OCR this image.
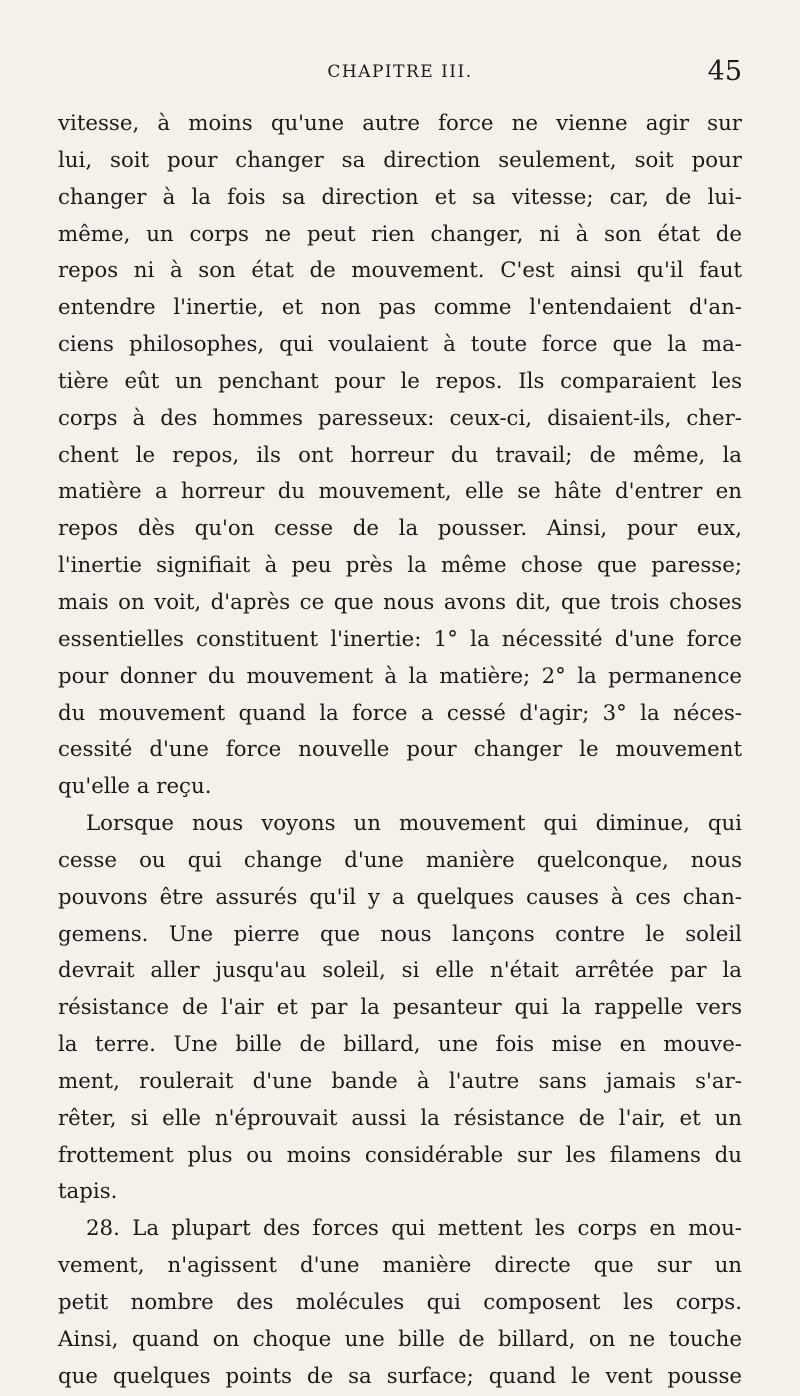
CHAPITRE III.	45
vitesse, à moins qu'une autre force ne vienne agir sur
lui, soit pour changer sa direction seulement, soit pour
changer à la fois sa direction et sa vitesse; car, de lui-
même, un corps ne peut rien changer, ni à son état de
repos ni à son état de mouvement. C'est ainsi qu'il faut
entendre l'inertie, et non pas comme l'entendaient d'an-
ciens philosophes, qui voulaient à toute force que la ma-
tière eût un penchant pour le repos. Ils comparaient les
corps à des hommes paresseux: ceux-ci, disaient-ils, cher-
chent le repos, ils ont horreur du travail; de même, la
matière a horreur du mouvement, elle se hâte d'entrer en
repos dès qu'on cesse de la pousser. Ainsi, pour eux,
l'inertie signifiait à peu près la même chose que paresse;
mais on voit, d'après ce que nous avons dit, que trois choses
essentielles constituent l'inertie: 1° la nécessité d'une force
pour donner du mouvement à la matière; 2° la permanence
du mouvement quand la force a cessé d'agir; 3° la néces-
cessité d'une force nouvelle pour changer le mouvement
qu'elle a reçu.
Lorsque nous voyons un mouvement qui diminue, qui
cesse ou qui change d'une manière quelconque, nous
pouvons être assurés qu'il y a quelques causes à ces chan-
gemens. Une pierre que nous lançons contre le soleil
devrait aller jusqu'au soleil, si elle n'était arrêtée par la
résistance de l'air et par la pesanteur qui la rappelle vers
la terre. Une bille de billard, une fois mise en mouve-
ment, roulerait d'une bande à l'autre sans jamais s'ar-
rêter, si elle n'éprouvait aussi la résistance de l'air, et un
frottement plus ou moins considérable sur les filamens du
tapis.
28. La plupart des forces qui mettent les corps en mou-
vement, n'agissent d'une manière directe que sur un
petit nombre des molécules qui composent les corps.
Ainsi, quand on choque une bille de billard, on ne touche
que quelques points de sa surface; quand le vent pousse
